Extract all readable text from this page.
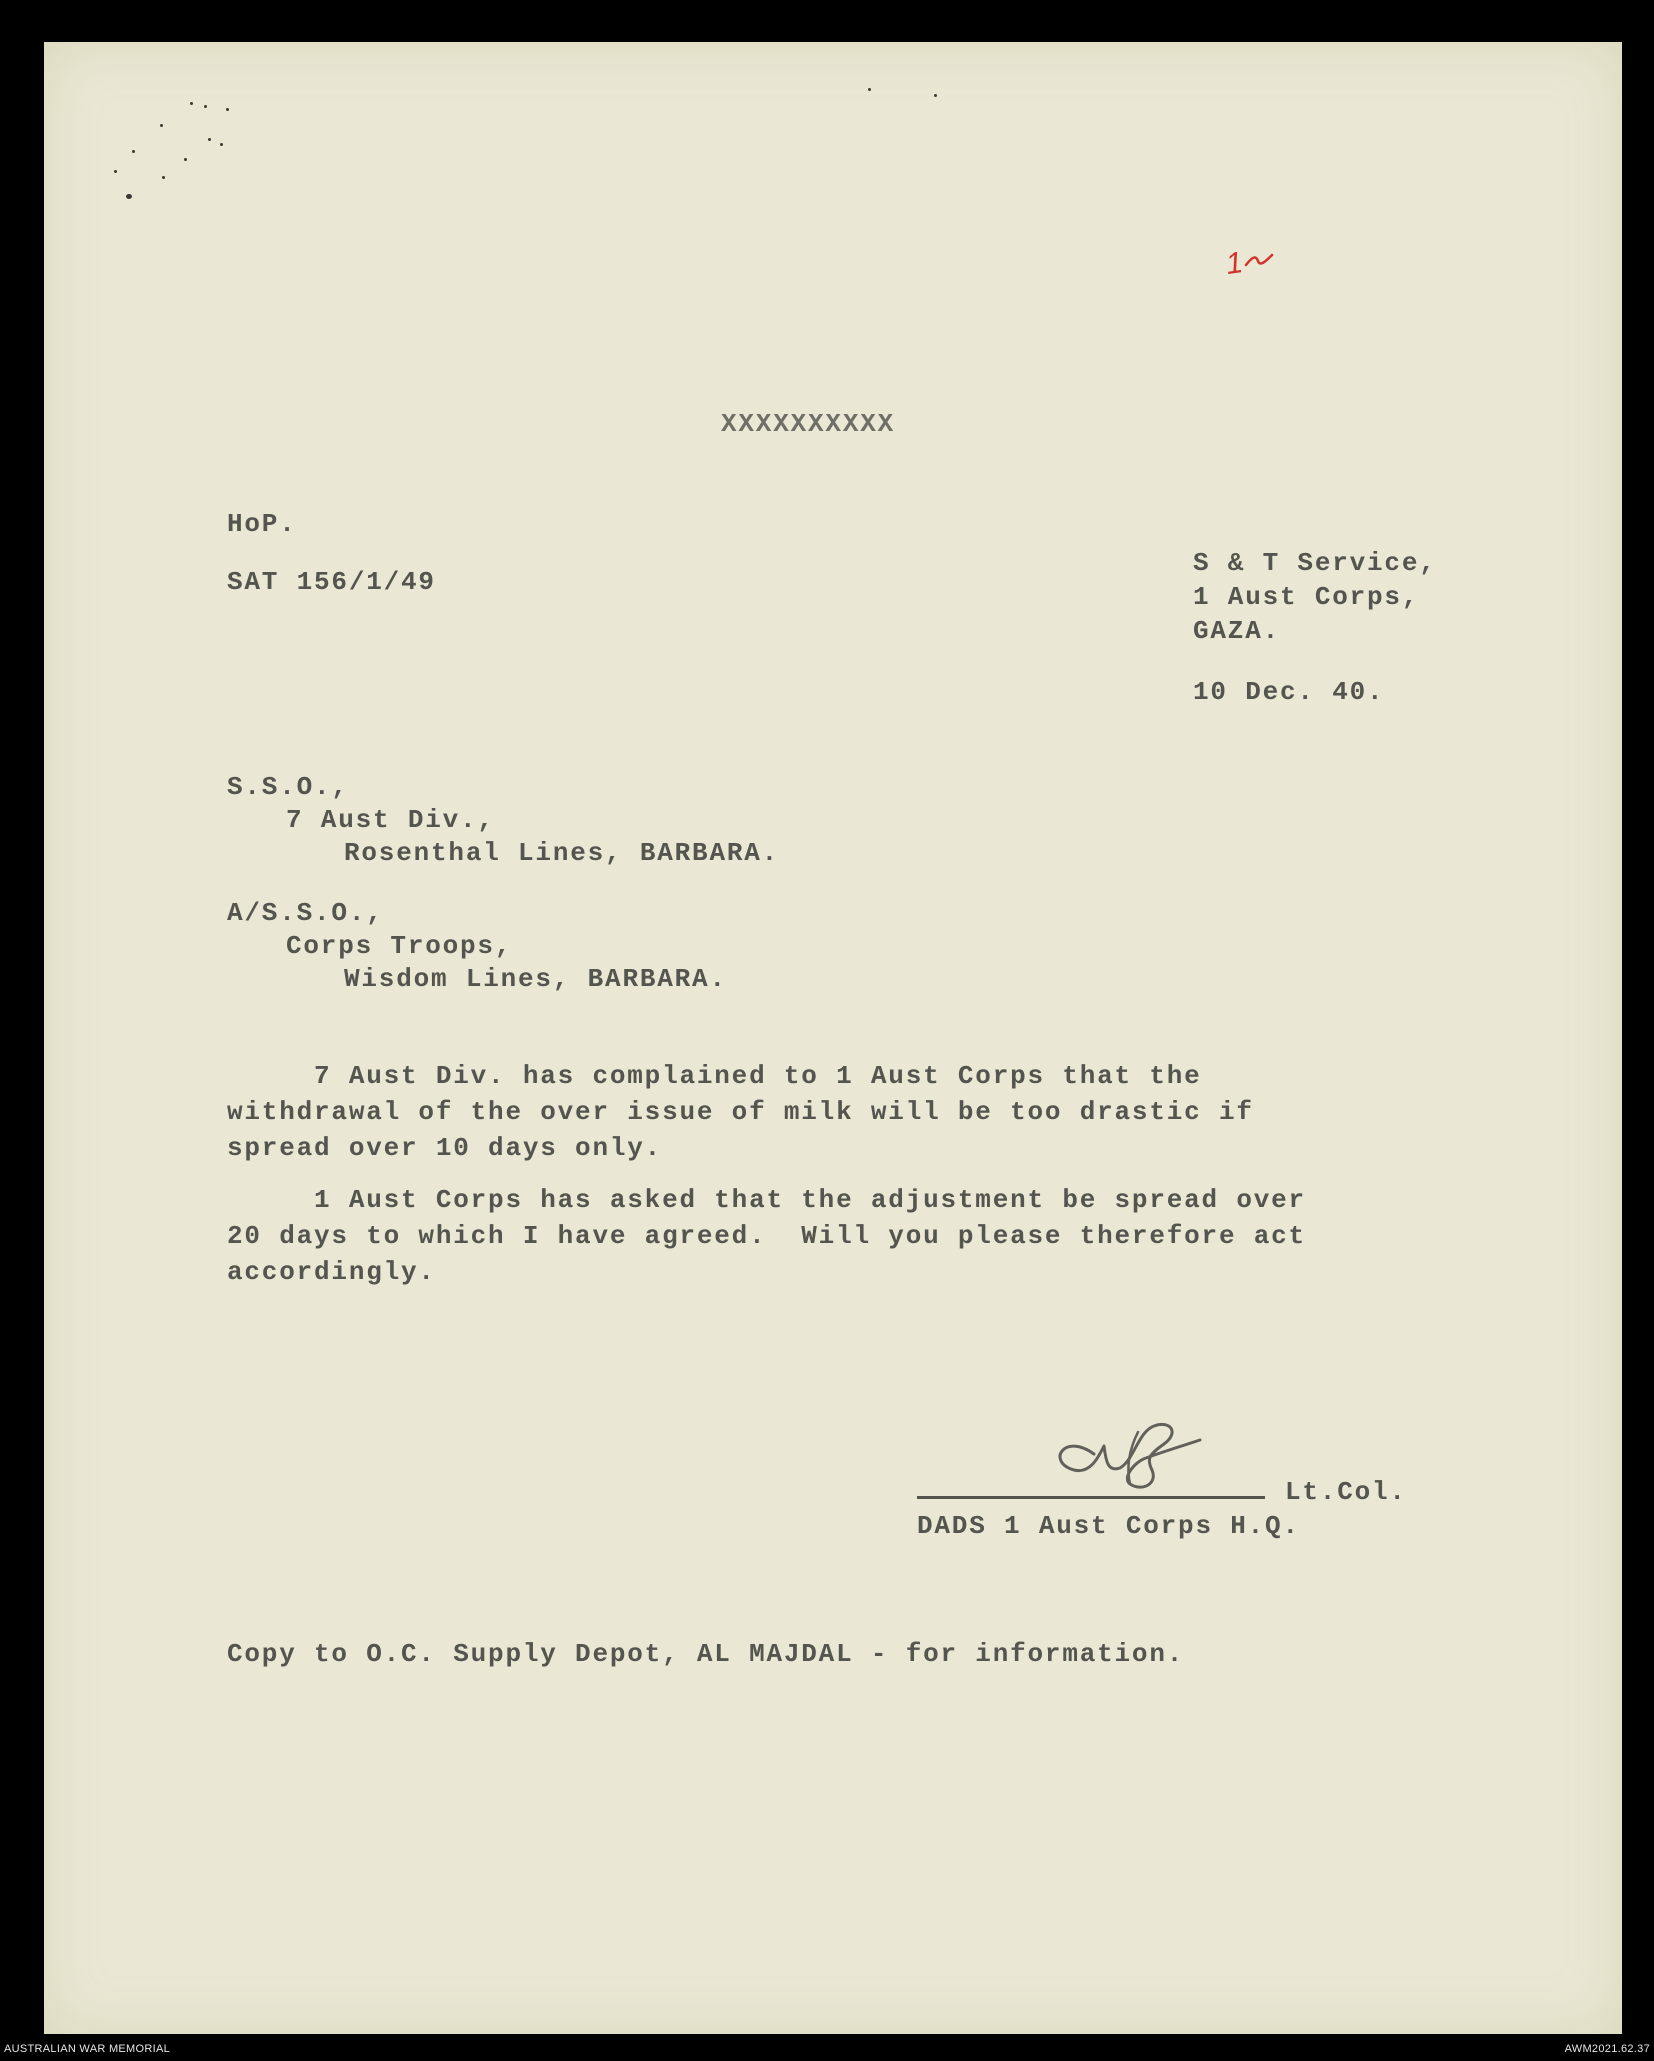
1

XXXXXXXXXX

HoP.

SAT 156/1/49

S & T Service,

1 Aust Corps,

GAZA.

10 Dec. 40.

S.S.O.,

7 Aust Div.,

Rosenthal Lines, BARBARA.

A/S.S.O.,

Corps Troops,

Wisdom Lines, BARBARA.

7 Aust Div. has complained to 1 Aust Corps that the
withdrawal of the over issue of milk will be too drastic if
spread over 10 days only.
1 Aust Corps has asked that the adjustment be spread over
20 days to which I have agreed.  Will you please therefore act
accordingly.

Lt.Col.

DADS 1 Aust Corps H.Q.

Copy to O.C. Supply Depot, AL MAJDAL - for information.

AUSTRALIAN WAR MEMORIAL	AWM2021.62.37
